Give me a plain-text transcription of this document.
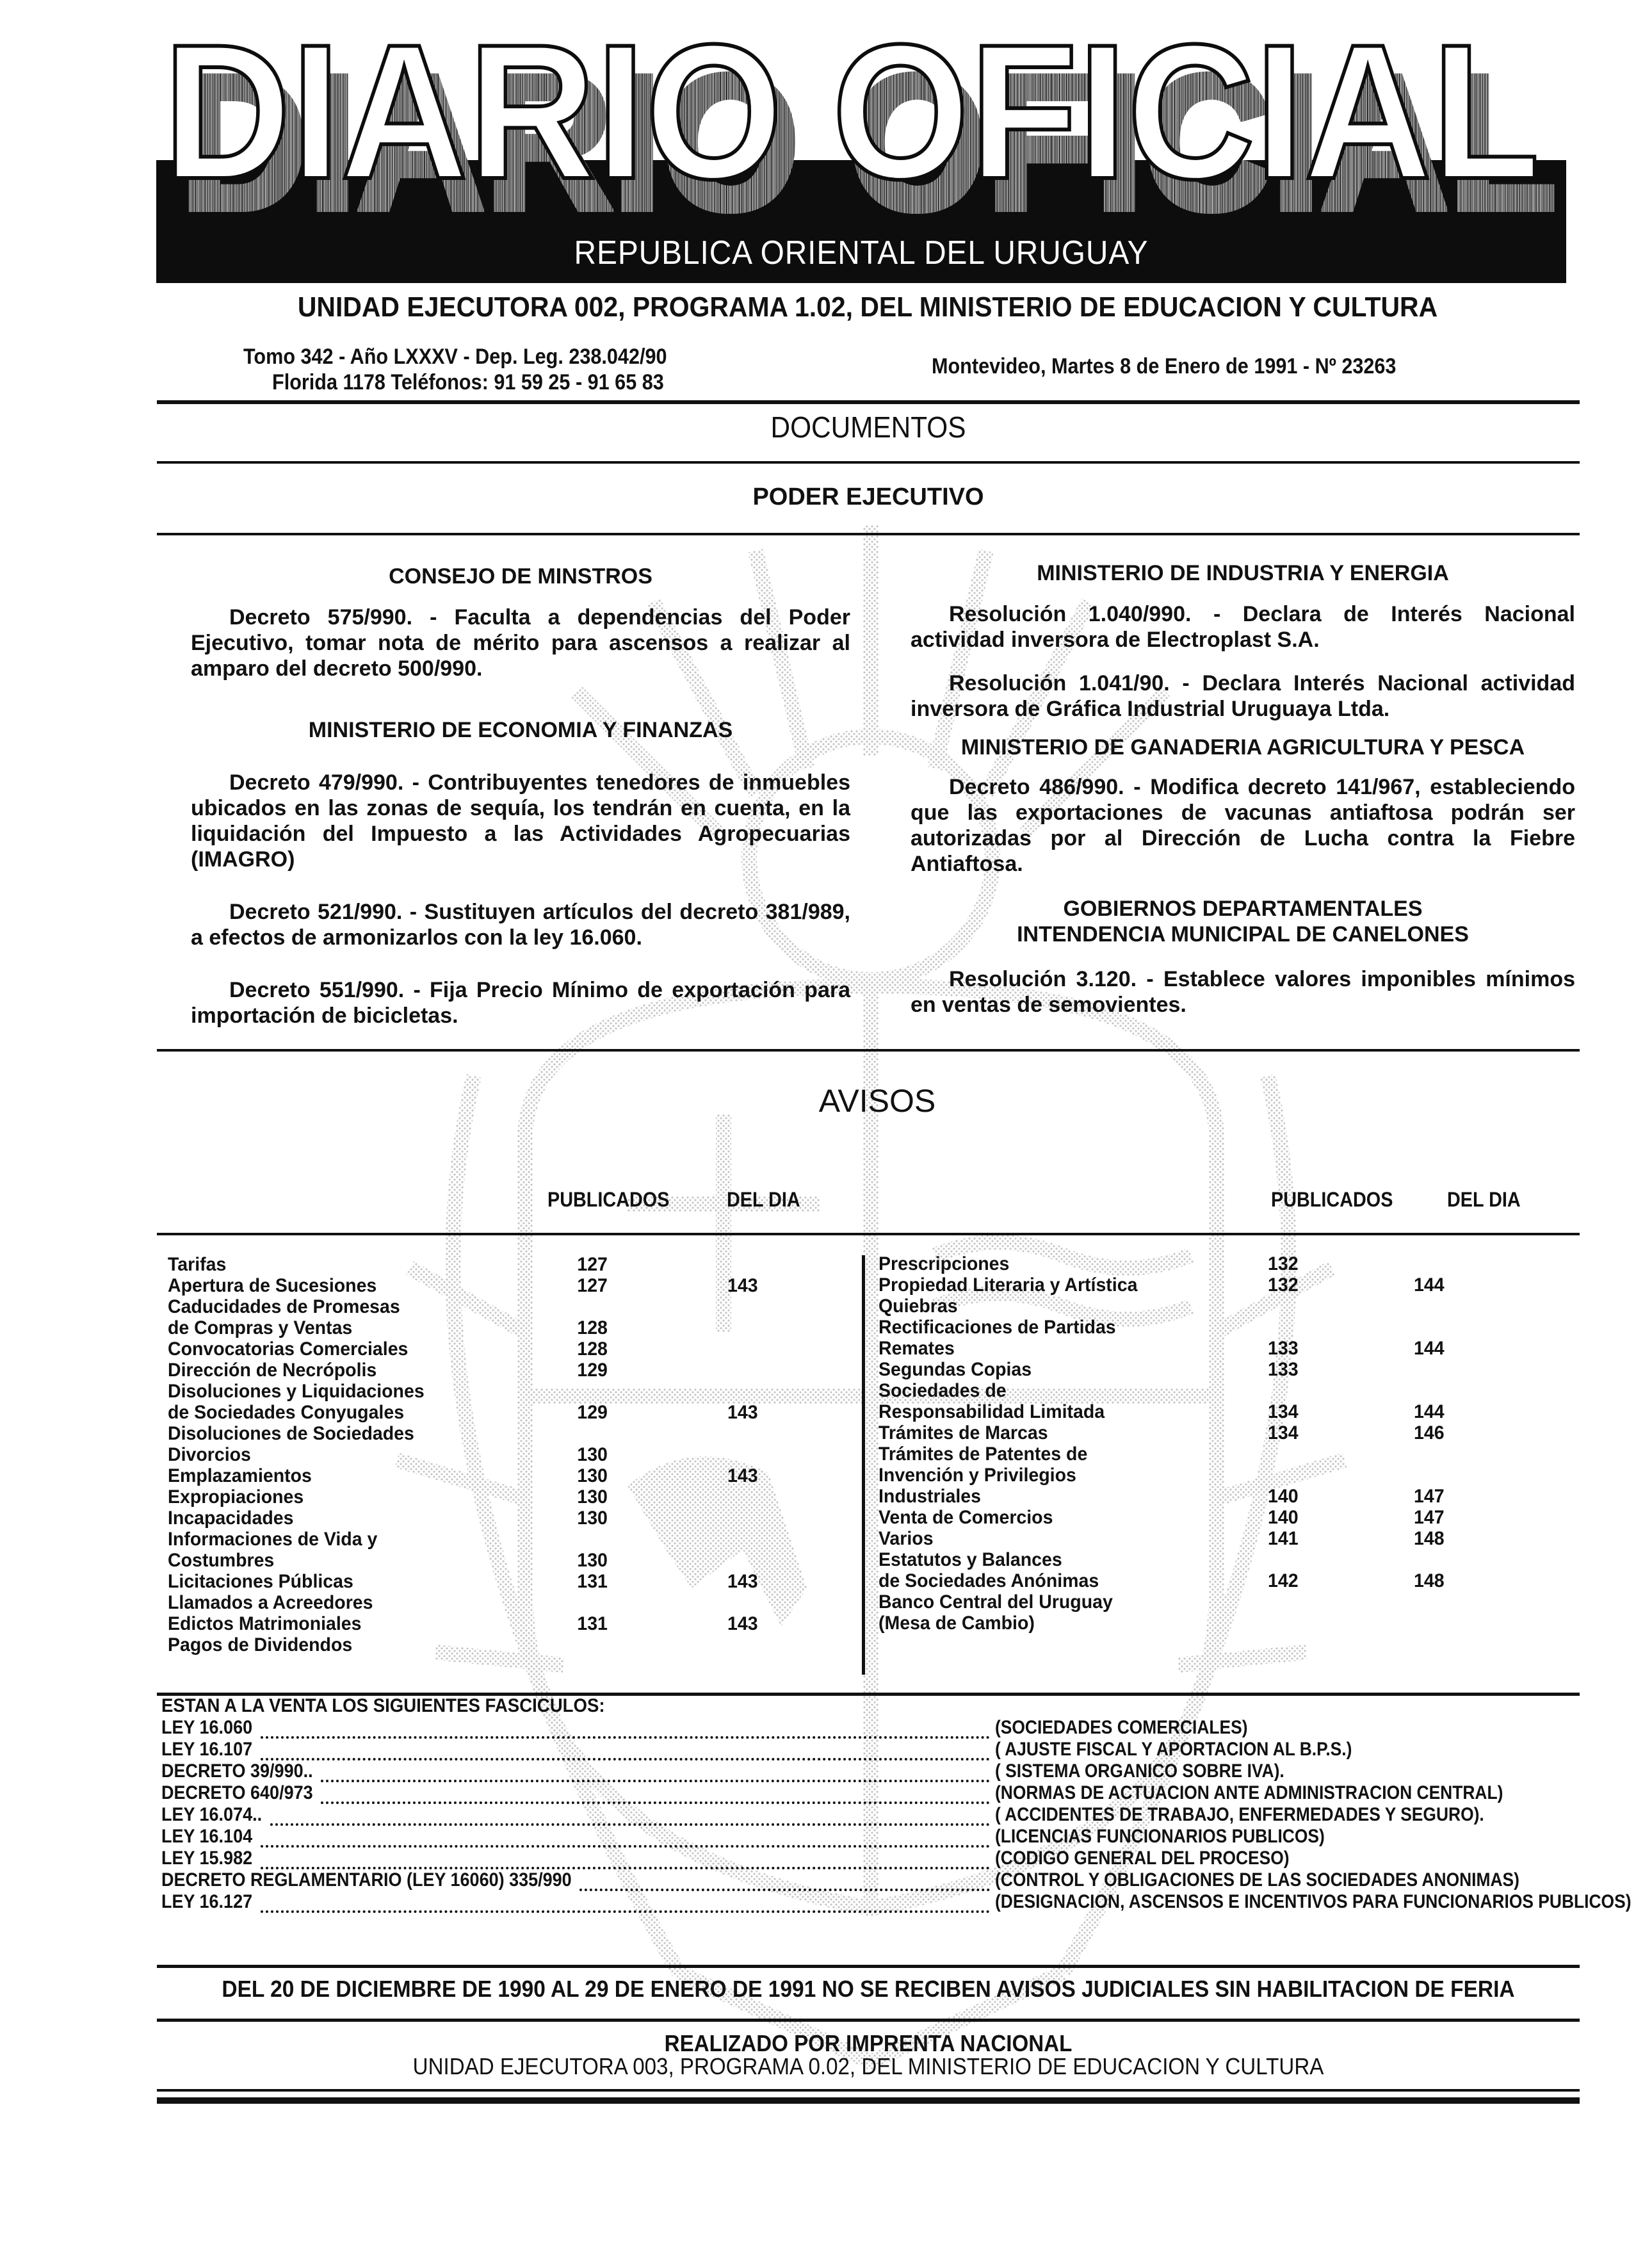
DIARIO OFICIAL
REPUBLICA ORIENTAL DEL URUGUAY
UNIDAD EJECUTORA 002, PROGRAMA 1.02, DEL MINISTERIO DE EDUCACION Y CULTURA
Tomo 342 - Año LXXXV - Dep. Leg. 238.042/90
Florida 1178 Teléfonos: 91 59 25 - 91 65 83
Montevideo, Martes 8 de Enero de 1991 - Nº 23263
DOCUMENTOS
PODER EJECUTIVO
CONSEJO DE MINSTROS

Decreto 575/990. - Faculta a dependencias del Poder Ejecutivo, tomar nota de mérito para ascensos a realizar al amparo del decreto 500/990.

MINISTERIO DE ECONOMIA Y FINANZAS

Decreto 479/990. - Contribuyentes tenedores de inmuebles ubicados en las zonas de sequía, los tendrán en cuenta, en la liquidación del Impuesto a las Actividades Agropecuarias (IMAGRO)

Decreto 521/990. - Sustituyen artículos del decreto 381/989, a efectos de armonizarlos con la ley 16.060.

Decreto 551/990. - Fija Precio Mínimo de exportación para importación de bicicletas.

MINISTERIO DE INDUSTRIA Y ENERGIA

Resolución 1.040/990. - Declara de Interés Nacional actividad inversora de Electroplast S.A.

Resolución 1.041/90. - Declara Interés Nacional actividad inversora de Gráfica Industrial Uruguaya Ltda.

MINISTERIO DE GANADERIA AGRICULTURA Y PESCA

Decreto 486/990. - Modifica decreto 141/967, estableciendo que las exportaciones de vacunas antiaftosa podrán ser autorizadas por al Dirección de Lucha contra la Fiebre Antiaftosa.

GOBIERNOS DEPARTAMENTALES
INTENDENCIA MUNICIPAL DE CANELONES

Resolución 3.120. - Establece valores imponibles mínimos en ventas de semovientes.

AVISOS
PUBLICADOS	DEL DIA	PUBLICADOS	DEL DIA
Tarifas	127
Apertura de Sucesiones	127	143
Caducidades de Promesas
de Compras y Ventas	128
Convocatorias Comerciales	128
Dirección de Necrópolis	129
Disoluciones y Liquidaciones
de Sociedades Conyugales	129	143
Disoluciones de Sociedades
Divorcios	130
Emplazamientos	130	143
Expropiaciones	130
Incapacidades	130
Informaciones de Vida y
Costumbres	130
Licitaciones Públicas	131	143
Llamados a Acreedores
Edictos Matrimoniales	131	143
Pagos de Dividendos
Prescripciones	132
Propiedad Literaria y Artística	132	144
Quiebras
Rectificaciones de Partidas
Remates	133	144
Segundas Copias	133
Sociedades de
Responsabilidad Limitada	134	144
Trámites de Marcas	134	146
Trámites de Patentes de
Invención y Privilegios
Industriales	140	147
Venta de Comercios	140	147
Varios	141	148
Estatutos y Balances
de Sociedades Anónimas	142	148
Banco Central del Uruguay
(Mesa de Cambio)
ESTAN A LA VENTA LOS SIGUIENTES FASCICULOS:
LEY 16.060	(SOCIEDADES COMERCIALES)
LEY 16.107	( AJUSTE FISCAL Y APORTACION AL B.P.S.)
DECRETO 39/990..	( SISTEMA ORGANICO SOBRE IVA).
DECRETO 640/973	(NORMAS DE ACTUACION ANTE ADMINISTRACION CENTRAL)
LEY 16.074..	( ACCIDENTES DE TRABAJO, ENFERMEDADES Y SEGURO).
LEY 16.104	(LICENCIAS FUNCIONARIOS PUBLICOS)
LEY 15.982	(CODIGO GENERAL DEL PROCESO)
DECRETO REGLAMENTARIO (LEY 16060) 335/990	(CONTROL Y OBLIGACIONES DE LAS SOCIEDADES ANONIMAS)
LEY 16.127	(DESIGNACION, ASCENSOS E INCENTIVOS PARA FUNCIONARIOS PUBLICOS)
DEL 20 DE DICIEMBRE DE 1990 AL 29 DE ENERO DE 1991 NO SE RECIBEN AVISOS JUDICIALES SIN HABILITACION DE FERIA
REALIZADO POR IMPRENTA NACIONAL
UNIDAD EJECUTORA 003, PROGRAMA 0.02, DEL MINISTERIO DE EDUCACION Y CULTURA
